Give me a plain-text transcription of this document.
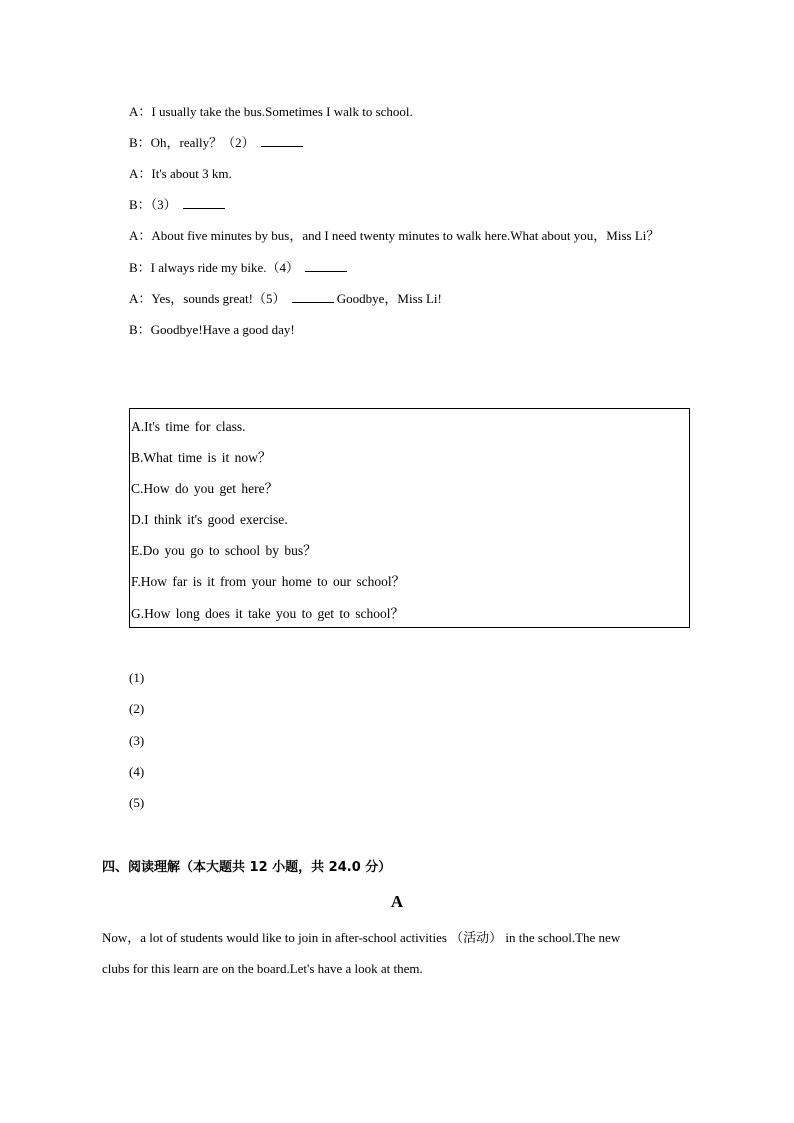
A：I usually take the bus.Sometimes I walk to school.
B：Oh，really？（2）
A：It's about 3 km.
B：（3）
A：About five minutes by bus，and I need twenty minutes to walk here.What about you，Miss Li？
B：I always ride my bike.（4）
A：Yes，sounds great!（5）	Goodbye，Miss Li!
B：Goodbye!Have a good day!
A.It's time for class.
B.What time is it now？
C.How do you get here？
D.I think it's good exercise.
E.Do you go to school by bus？
F.How far is it from your home to our school？
G.How long does it take you to get to school？
(1)
(2)
(3)
(4)
(5)
四、阅读理解（本大题共 12 小题，共 24.0 分）
A
Now，a lot of students would like to join in after-school activities （活动） in the school.The new
clubs for this learn are on the board.Let's have a look at them.
